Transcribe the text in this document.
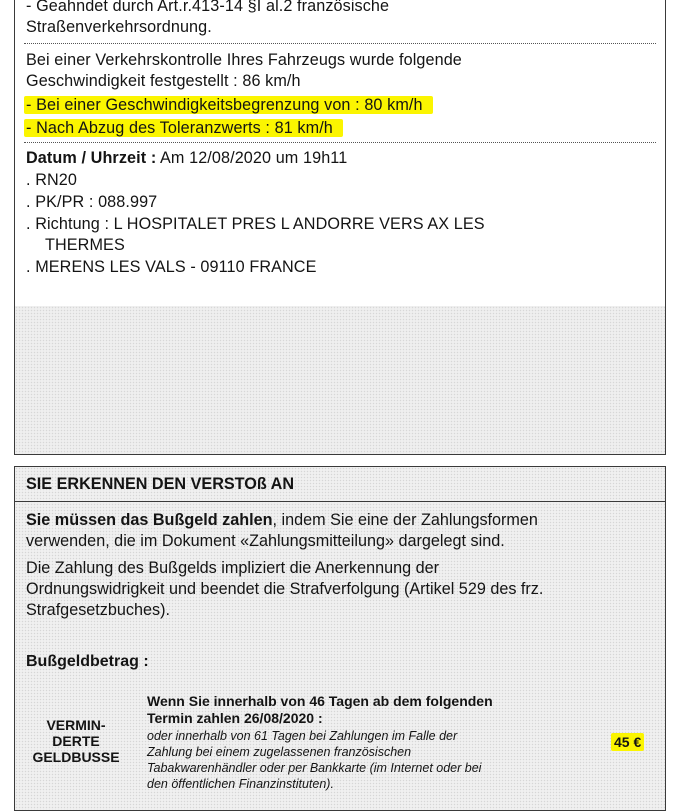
- Geahndet durch Art.r.413-14 §I al.2 französische
Straßenverkehrsordnung.
Bei einer Verkehrskontrolle Ihres Fahrzeugs wurde folgende
Geschwindigkeit festgestellt : 86 km/h
- Bei einer Geschwindigkeitsbegrenzung von : 80 km/h
- Nach Abzug des Toleranzwerts : 81 km/h
Datum / Uhrzeit : Am 12/08/2020 um 19h11
. RN20
. PK/PR : 088.997
. Richtung : L HOSPITALET PRES L ANDORRE VERS AX LES
THERMES
. MERENS LES VALS - 09110 FRANCE
SIE ERKENNEN DEN VERSTOß AN
Sie müssen das Bußgeld zahlen, indem Sie eine der Zahlungsformen
verwenden, die im Dokument «Zahlungsmitteilung» dargelegt sind.
Die Zahlung des Bußgelds impliziert die Anerkennung der
Ordnungswidrigkeit und beendet die Strafverfolgung (Artikel 529 des frz.
Strafgesetzbuches).
Bußgeldbetrag :
VERMIN-
DERTE
GELDBUSSE
Wenn Sie innerhalb von 46 Tagen ab dem folgenden
Termin zahlen 26/08/2020 :
oder innerhalb von 61 Tagen bei Zahlungen im Falle der
Zahlung bei einem zugelassenen französischen
Tabakwarenhändler oder per Bankkarte (im Internet oder bei
den öffentlichen Finanzinstituten).
45 €
